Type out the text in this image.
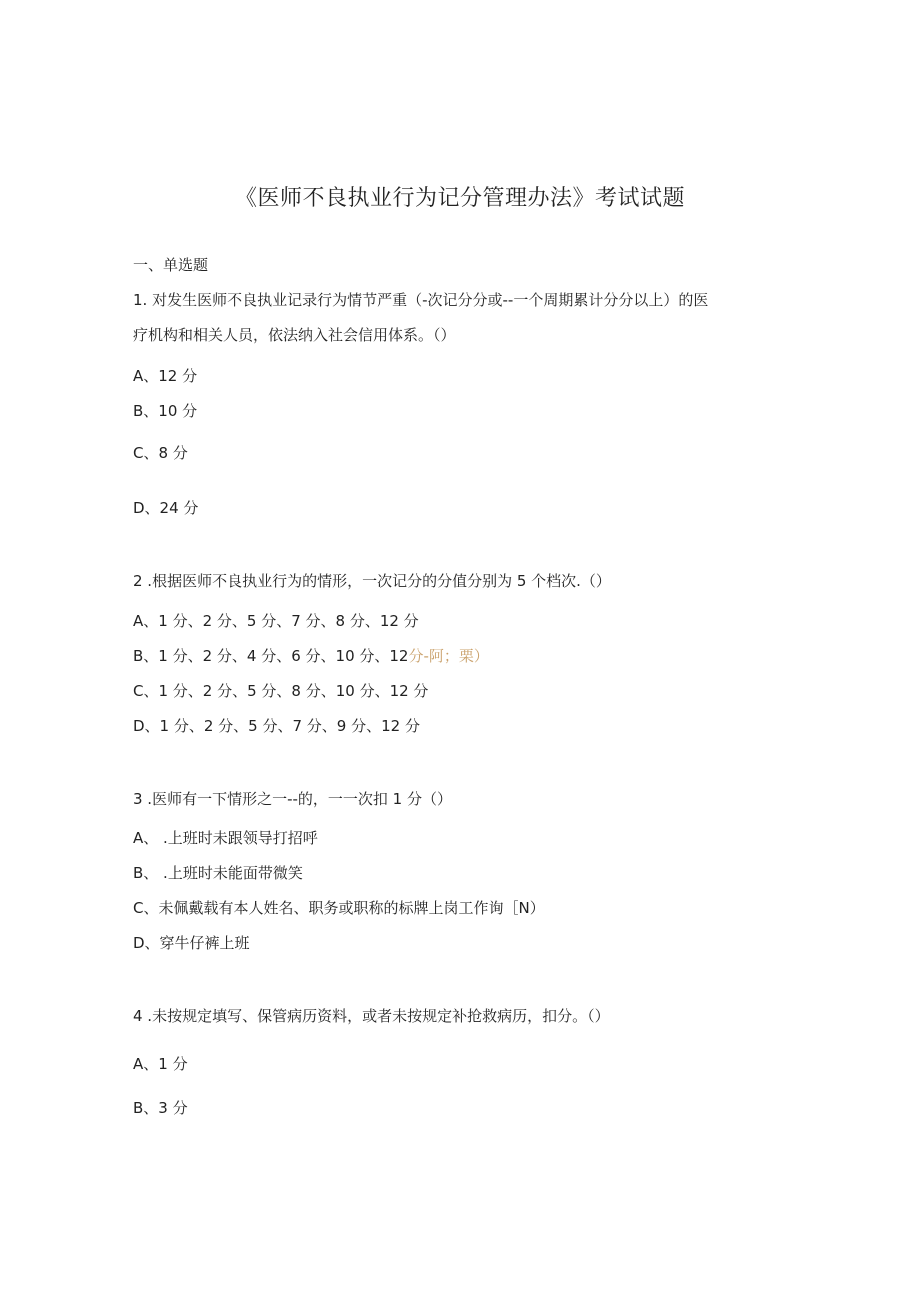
《医师不良执业行为记分管理办法》考试试题
一、单选题
1. 对发生医师不良执业记录行为情节严重（-次记分分或--一个周期累计分分以上）的医
疗机构和相关人员，依法纳入社会信用体系。（）
A、12 分
B、10 分
C、8 分
D、24 分
2 .根据医师不良执业行为的情形，一次记分的分值分别为 5 个档次.（）
A、1 分、2 分、5 分、7 分、8 分、12 分
B、1 分、2 分、4 分、6 分、10 分、12分-阿；栗）
C、1 分、2 分、5 分、8 分、10 分、12 分
D、1 分、2 分、5 分、7 分、9 分、12 分
3 .医师有一下情形之一--的，一一次扣 1 分（）
A、 .上班时未跟领导打招呼
B、 .上班时未能面带微笑
C、未佩戴载有本人姓名、职务或职称的标牌上岗工作询［N）
D、穿牛仔裤上班
4 .未按规定填写、保管病历资料，或者未按规定补抢救病历，扣分。（）
A、1 分
B、3 分
